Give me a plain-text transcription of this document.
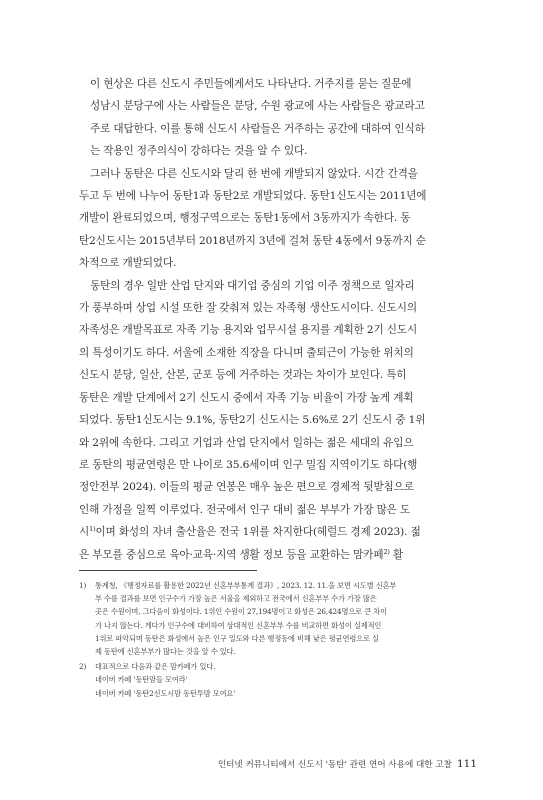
이 현상은 다른 신도시 주민들에게서도 나타난다. 거주지를 묻는 질문에
성남시 분당구에 사는 사람들은 분당, 수원 광교에 사는 사람들은 광교라고
주로 대답한다. 이를 통해 신도시 사람들은 거주하는 공간에 대하여 인식하
는 작용인 정주의식이 강하다는 것을 알 수 있다.

그러나 동탄은 다른 신도시와 달리 한 번에 개발되지 않았다. 시간 간격을
두고 두 번에 나누어 동탄1과 동탄2로 개발되었다. 동탄1신도시는 2011년에
개발이 완료되었으며, 행정구역으로는 동탄1동에서 3동까지가 속한다. 동
탄2신도시는 2015년부터 2018년까지 3년에 걸쳐 동탄 4동에서 9동까지 순
차적으로 개발되었다.

동탄의 경우 일반 산업 단지와 대기업 중심의 기업 이주 정책으로 일자리
가 풍부하며 상업 시설 또한 잘 갖춰져 있는 자족형 생산도시이다. 신도시의
자족성은 개발목표로 자족 기능 용지와 업무시설 용지를 계획한 2기 신도시
의 특성이기도 하다. 서울에 소재한 직장을 다니며 출퇴근이 가능한 위치의
신도시 분당, 일산, 산본, 군포 등에 거주하는 것과는 차이가 보인다. 특히
동탄은 개발 단계에서 2기 신도시 중에서 자족 기능 비율이 가장 높게 계획
되었다. 동탄1신도시는 9.1%, 동탄2기 신도시는 5.6%로 2기 신도시 중 1위
와 2위에 속한다. 그리고 기업과 산업 단지에서 일하는 젊은 세대의 유입으
로 동탄의 평균연령은 만 나이로 35.6세이며 인구 밀집 지역이기도 하다(행
정안전부 2024). 이들의 평균 연봉은 매우 높은 편으로 경제적 뒷받침으로
인해 가정을 일찍 이루었다. 전국에서 인구 대비 젊은 부부가 가장 많은 도
시$^{1)}$이며 화성의 자녀 출산율은 전국 1위를 차지한다(헤럴드 경제 2023). 젊
은 부모를 중심으로 육아·교육·지역 생활 정보 등을 교환하는 맘카페$^{2)}$ 활

1) 통계청, 《행정자료를 활용한 2022년 신혼부부통계 결과》, 2023. 12. 11.을 보면 시도별 신혼부
부 수를 결과를 보면 인구수가 가장 높은 서울을 제외하고 전국에서 신혼부부 수가 가장 많은
곳은 수원이며, 그다음이 화성이다. 1위인 수원이 27,194명이고 화성은 26,424명으로 큰 차이
가 나지 않는다. 게다가 인구수에 대비하여 상대적인 신혼부부 수를 비교하면 화성이 실제적인
1위로 파악되며 동탄은 화성에서 높은 인구 밀도와 다른 행정동에 비해 낮은 평균연령으로 실
제 동탄에 신혼부부가 많다는 것을 알 수 있다.
2) 대표적으로 다음과 같은 맘카페가 있다.
네이버 카페 '동탄맘들 모여라'
네이버 카페 '동탄2신도시맘 동탄투맘 모여요'
인터넷 커뮤니티에서 신도시 '동탄' 관련 연어 사용에 대한 고찰 111
